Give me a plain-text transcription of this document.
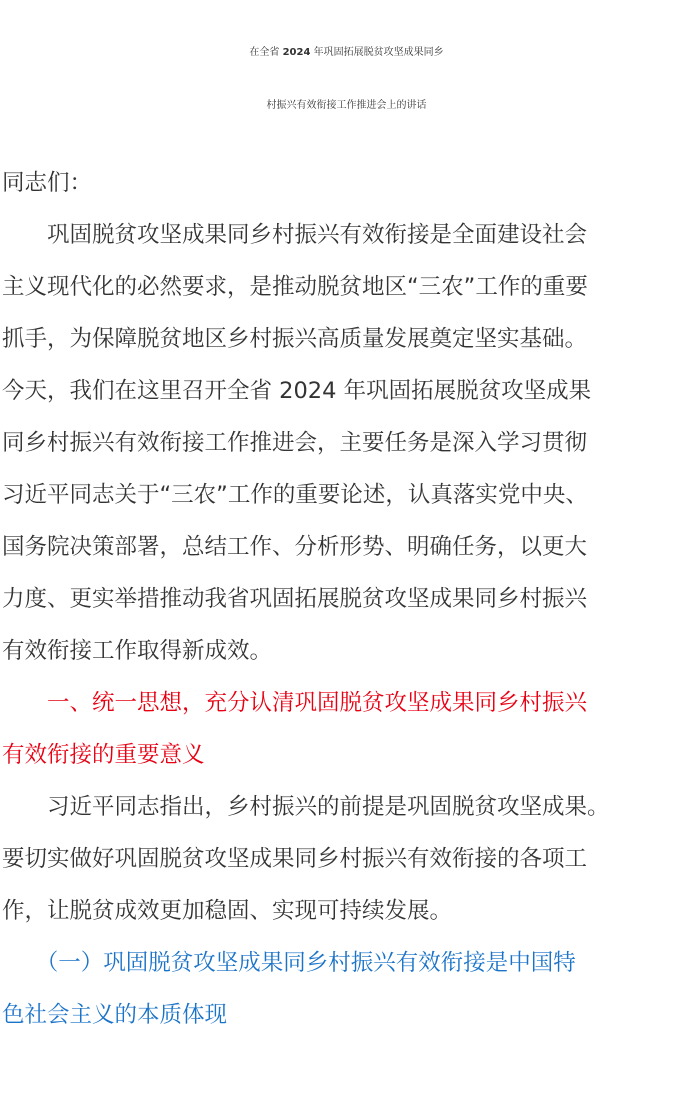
在全省 2024 年巩固拓展脱贫攻坚成果同乡
村振兴有效衔接工作推进会上的讲话
同志们：
　　巩固脱贫攻坚成果同乡村振兴有效衔接是全面建设社会
主义现代化的必然要求，是推动脱贫地区“三农”工作的重要
抓手，为保障脱贫地区乡村振兴高质量发展奠定坚实基础。
今天，我们在这里召开全省 2024 年巩固拓展脱贫攻坚成果
同乡村振兴有效衔接工作推进会，主要任务是深入学习贯彻
习近平同志关于“三农”工作的重要论述，认真落实党中央、
国务院决策部署，总结工作、分析形势、明确任务，以更大
力度、更实举措推动我省巩固拓展脱贫攻坚成果同乡村振兴
有效衔接工作取得新成效。
　　一、统一思想，充分认清巩固脱贫攻坚成果同乡村振兴
有效衔接的重要意义
　　习近平同志指出，乡村振兴的前提是巩固脱贫攻坚成果。
要切实做好巩固脱贫攻坚成果同乡村振兴有效衔接的各项工
作，让脱贫成效更加稳固、实现可持续发展。
　　（一）巩固脱贫攻坚成果同乡村振兴有效衔接是中国特
色社会主义的本质体现
